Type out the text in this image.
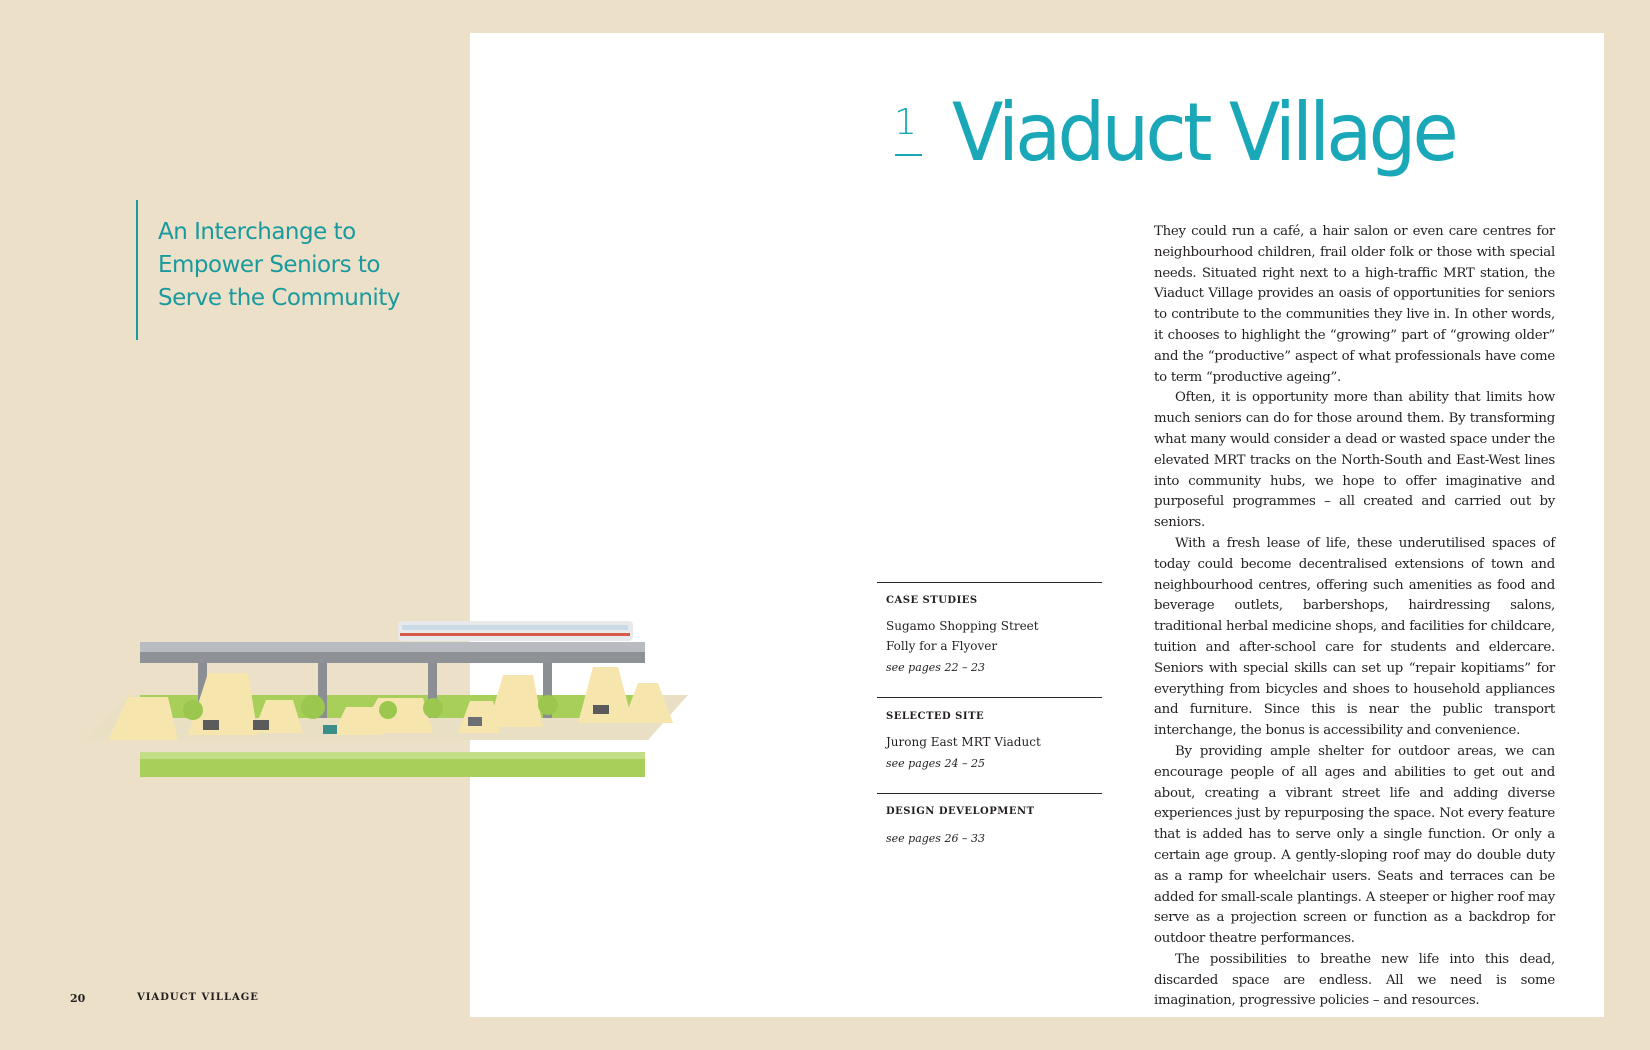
An Interchange to
Empower Seniors to
Serve the Community
1 Viaduct Village
CASE STUDIES
Sugamo Shopping Street
Folly for a Flyover
see pages 22 – 23
SELECTED SITE
Jurong East MRT Viaduct
see pages 24 – 25
DESIGN DEVELOPMENT
see pages 26 – 33

They could run a café, a hair salon or even care centres for neighbourhood children, frail older folk or those with special needs. Situated right next to a high-traffic MRT station, the Viaduct Village provides an oasis of opportunities for seniors to contribute to the communities they live in. In other words, it chooses to highlight the “growing” part of “growing older” and the “productive” aspect of what professionals have come to term “productive ageing”.

Often, it is opportunity more than ability that limits how much seniors can do for those around them. By transforming what many would consider a dead or wasted space under the elevated MRT tracks on the North-South and East-West lines into community hubs, we hope to offer imaginative and purposeful programmes – all created and carried out by seniors.

With a fresh lease of life, these underutilised spaces of today could become decentralised extensions of town and neighbourhood centres, offering such amenities as food and beverage outlets, barbershops, hairdressing salons, traditional herbal medicine shops, and facilities for childcare, tuition and after-school care for students and eldercare. Seniors with special skills can set up “repair kopitiams” for everything from bicycles and shoes to household appliances and furniture. Since this is near the public transport interchange, the bonus is accessibility and convenience.

By providing ample shelter for outdoor areas, we can encourage people of all ages and abilities to get out and about, creating a vibrant street life and adding diverse experiences just by repurposing the space. Not every feature that is added has to serve only a single function. Or only a certain age group. A gently-sloping roof may do double duty as a ramp for wheelchair users. Seats and terraces can be added for small-scale plantings. A steeper or higher roof may serve as a projection screen or function as a backdrop for outdoor theatre performances.

The possibilities to breathe new life into this dead, discarded space are endless. All we need is some imagination, progressive policies – and resources.

20	VIADUCT VILLAGE
